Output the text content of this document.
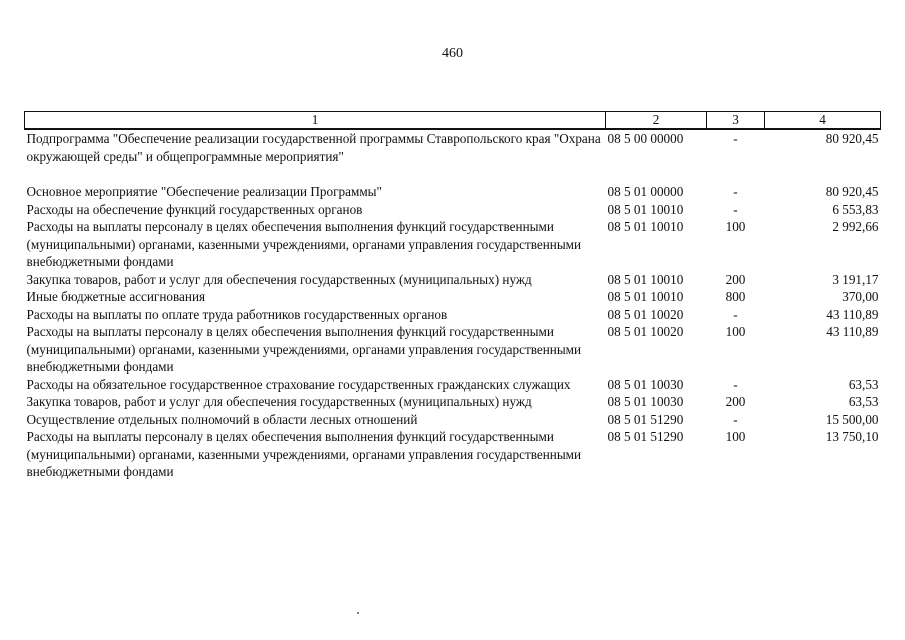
460
1	2	3	4
Подпрограмма "Обеспечение реализации государственной программы Ставропольского края "Охрана окружающей среды" и общепрограммные мероприятия"	08 5 00 00000	-	80 920,45

Основное мероприятие "Обеспечение реализации Программы"	08 5 01 00000	-	80 920,45
Расходы на обеспечение функций государственных органов	08 5 01 10010	-	6 553,83
Расходы на выплаты персоналу в целях обеспечения выполнения функций государственными (муниципальными) органами, казенными учреждениями, органами управления государственными внебюджетными фондами	08 5 01 10010	100	2 992,66
Закупка товаров, работ и услуг для обеспечения государственных (муниципальных) нужд	08 5 01 10010	200	3 191,17
Иные бюджетные ассигнования	08 5 01 10010	800	370,00
Расходы на выплаты по оплате труда работников государственных органов	08 5 01 10020	-	43 110,89
Расходы на выплаты персоналу в целях обеспечения выполнения функций государственными (муниципальными) органами, казенными учреждениями, органами управления государственными внебюджетными фондами	08 5 01 10020	100	43 110,89
Расходы на обязательное государственное страхование государственных гражданских служащих	08 5 01 10030	-	63,53
Закупка товаров, работ и услуг для обеспечения государственных (муниципальных) нужд	08 5 01 10030	200	63,53
Осуществление отдельных полномочий в области лесных отношений	08 5 01 51290	-	15 500,00
Расходы на выплаты персоналу в целях обеспечения выполнения функций государственными (муниципальными) органами, казенными учреждениями, органами управления государственными внебюджетными фондами	08 5 01 51290	100	13 750,10
